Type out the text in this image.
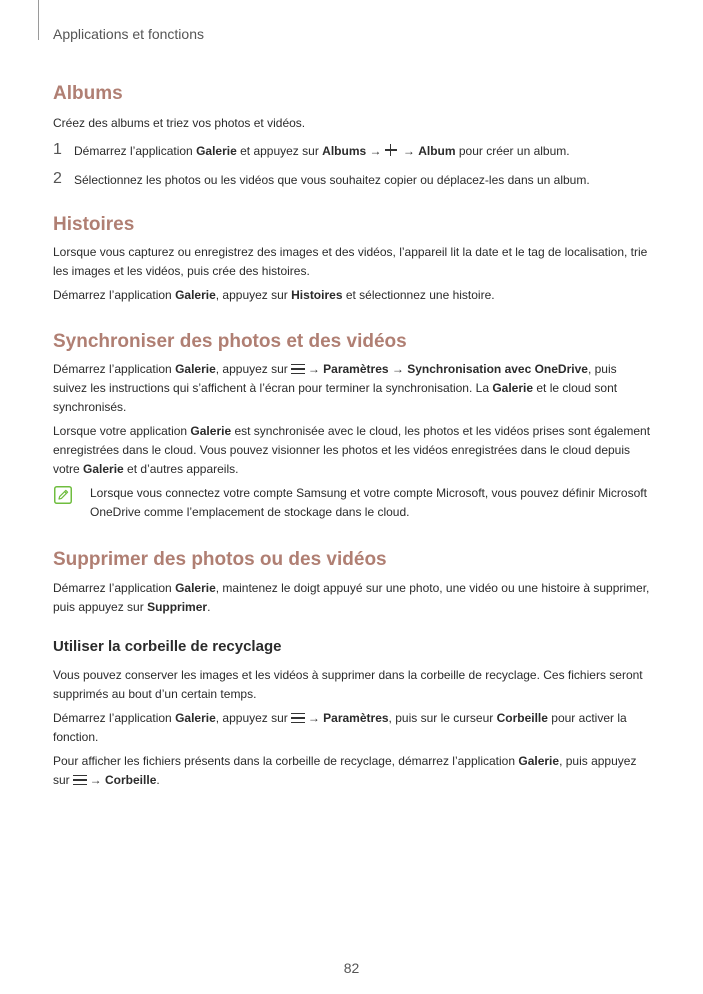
Applications et fonctions
Albums

Créez des albums et triez vos photos et vidéos.

1 Démarrez l’application Galerie et appuyez sur Albums → → Album pour créer un album.
2 Sélectionnez les photos ou les vidéos que vous souhaitez copier ou déplacez-les dans un album.
Histoires

Lorsque vous capturez ou enregistrez des images et des vidéos, l’appareil lit la date et le tag de localisation, trie les images et les vidéos, puis crée des histoires.

Démarrez l’application Galerie, appuyez sur Histoires et sélectionnez une histoire.

Synchroniser des photos et des vidéos

Démarrez l’application Galerie, appuyez sur → Paramètres → Synchronisation avec OneDrive, puis suivez les instructions qui s’affichent à l’écran pour terminer la synchronisation. La Galerie et le cloud sont synchronisés.

Lorsque votre application Galerie est synchronisée avec le cloud, les photos et les vidéos prises sont également enregistrées dans le cloud. Vous pouvez visionner les photos et les vidéos enregistrées dans le cloud depuis votre Galerie et d’autres appareils.

Lorsque vous connectez votre compte Samsung et votre compte Microsoft, vous pouvez définir Microsoft OneDrive comme l’emplacement de stockage dans le cloud.

Supprimer des photos ou des vidéos

Démarrez l’application Galerie, maintenez le doigt appuyé sur une photo, une vidéo ou une histoire à supprimer, puis appuyez sur Supprimer.

Utiliser la corbeille de recyclage

Vous pouvez conserver les images et les vidéos à supprimer dans la corbeille de recyclage. Ces fichiers seront supprimés au bout d’un certain temps.

Démarrez l’application Galerie, appuyez sur → Paramètres, puis sur le curseur Corbeille pour activer la fonction.

Pour afficher les fichiers présents dans la corbeille de recyclage, démarrez l’application Galerie, puis appuyez sur → Corbeille.

82
